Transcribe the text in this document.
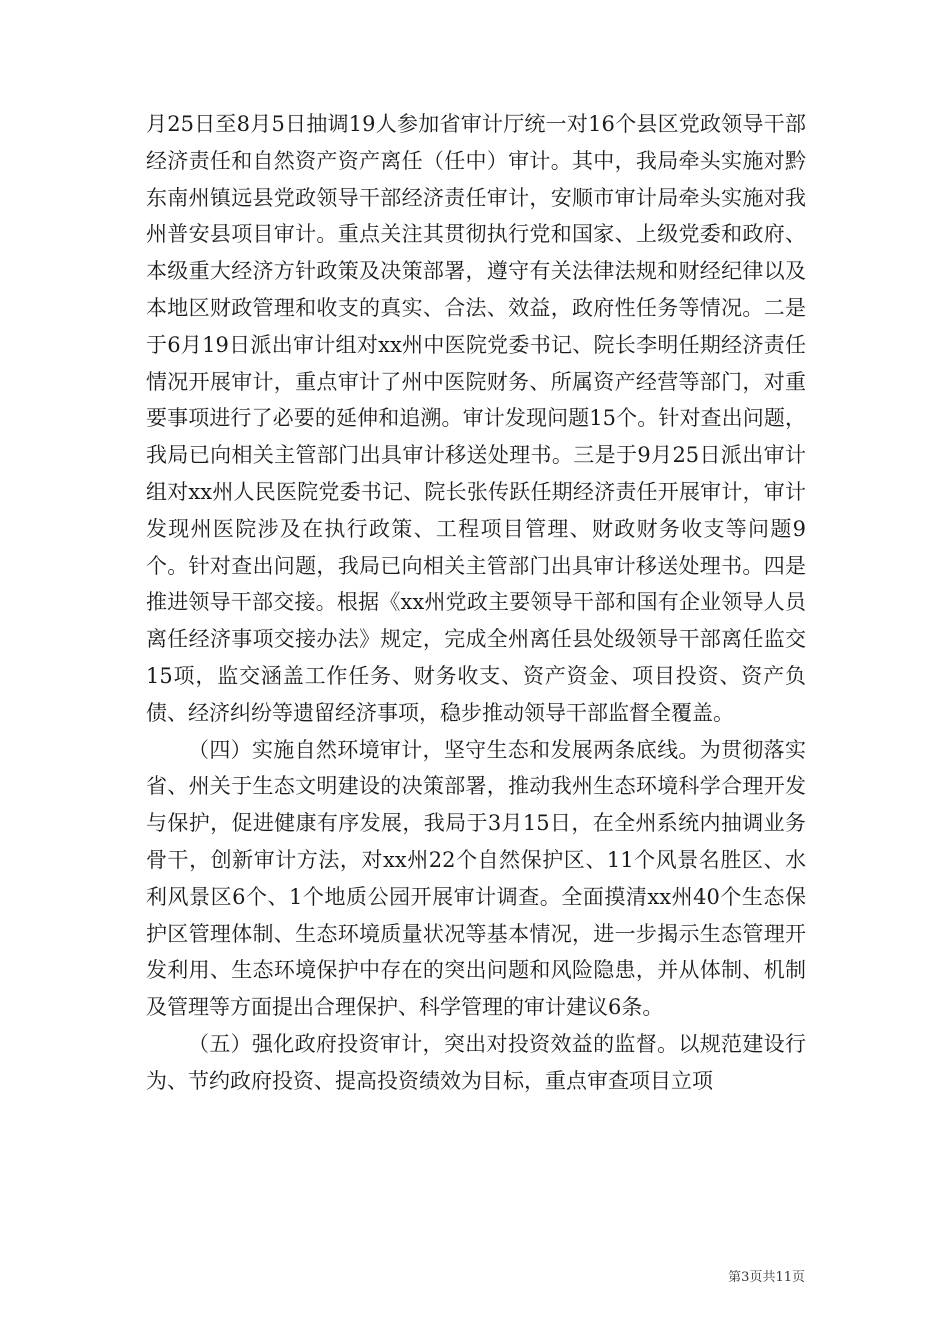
月25日至8月5日抽调19人参加省审计厅统一对16个县区党政领导干部经济责任和自然资产资产离任（任中）审计。其中，我局牵头实施对黔东南州镇远县党政领导干部经济责任审计，安顺市审计局牵头实施对我州普安县项目审计。重点关注其贯彻执行党和国家、上级党委和政府、本级重大经济方针政策及决策部署，遵守有关法律法规和财经纪律以及本地区财政管理和收支的真实、合法、效益，政府性任务等情况。二是于6月19日派出审计组对xx州中医院党委书记、院长李明任期经济责任情况开展审计，重点审计了州中医院财务、所属资产经营等部门，对重要事项进行了必要的延伸和追溯。审计发现问题15个。针对查出问题，我局已向相关主管部门出具审计移送处理书。三是于9月25日派出审计组对xx州人民医院党委书记、院长张传跃任期经济责任开展审计，审计发现州医院涉及在执行政策、工程项目管理、财政财务收支等问题9个。针对查出问题，我局已向相关主管部门出具审计移送处理书。四是推进领导干部交接。根据《xx州党政主要领导干部和国有企业领导人员离任经济事项交接办法》规定，完成全州离任县处级领导干部离任监交15项，监交涵盖工作任务、财务收支、资产资金、项目投资、资产负债、经济纠纷等遗留经济事项，稳步推动领导干部监督全覆盖。

（四）实施自然环境审计，坚守生态和发展两条底线。为贯彻落实省、州关于生态文明建设的决策部署，推动我州生态环境科学合理开发与保护，促进健康有序发展，我局于3月15日，在全州系统内抽调业务骨干，创新审计方法，对xx州22个自然保护区、11个风景名胜区、水利风景区6个、1个地质公园开展审计调查。全面摸清xx州40个生态保护区管理体制、生态环境质量状况等基本情况，进一步揭示生态管理开发利用、生态环境保护中存在的突出问题和风险隐患，并从体制、机制及管理等方面提出合理保护、科学管理的审计建议6条。

（五）强化政府投资审计，突出对投资效益的监督。以规范建设行为、节约政府投资、提高投资绩效为目标，重点审查项目立项

第3页共11页
